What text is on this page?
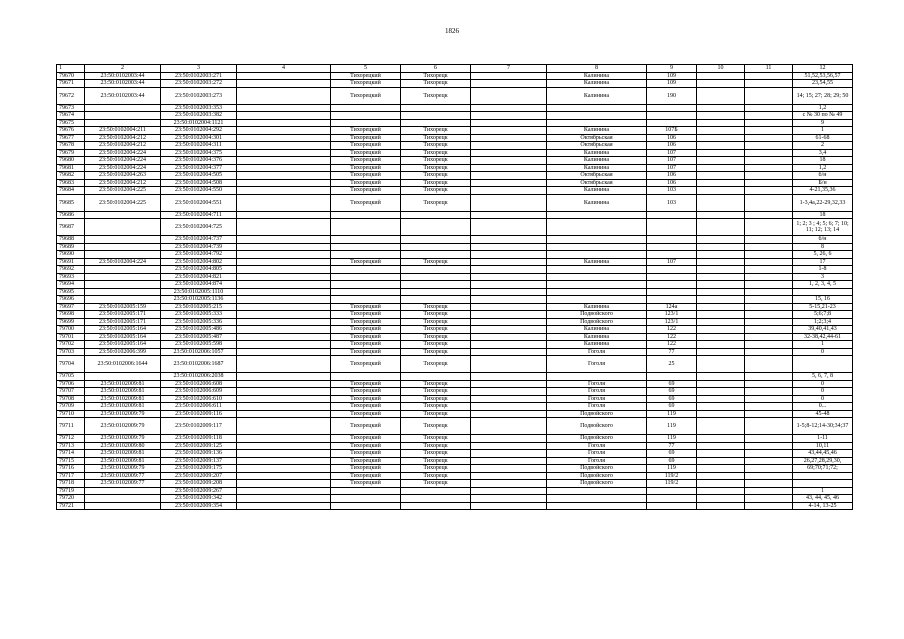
1826
1	2	3	4	5	6	7	8	9	10	11	12
79670	23:50:0102003:44	23:50:0102003:271		Тихорецкий	Тихорецк		Калинина	109			51,52,53,56,57
79671	23:50:0102003:44	23:50:0102003:272		Тихорецкий	Тихорецк		Калинина	109			23,54,55
79672	23:50:0102003:44	23:50:0102003:273		Тихорецкий	Тихорецк		Калинина	190			14; 15; 27; 28; 29; 50
79673		23:50:0102003:353									1,2
79674		23:50:0102003:382									с № 30 по № 49
79675		23:50:0102004:1121									9
79676	23:50:0102004:211	23:50:0102004:292		Тихорецкий	Тихорецк		Калинина	107Б			1
79677	23:50:0102004:212	23:50:0102004:301		Тихорецкий	Тихорецк		Октябрьская	106			61-68
79678	23:50:0102004:212	23:50:0102004:311		Тихорецкий	Тихорецк		Октябрьская	106			2
79679	23:50:0102004:224	23:50:0102004:375		Тихорецкий	Тихорецк		Калинина	107			3,4
79680	23:50:0102004:224	23:50:0102004:376		Тихорецкий	Тихорецк		Калинина	107			18
79681	23:50:0102004:224	23:50:0102004:377		Тихорецкий	Тихорецк		Калинина	107			1,2
79682	23:50:0102004:263	23:50:0102004:505		Тихорецкий	Тихорецк		Октябрьская	106			б/н
79683	23:50:0102004:212	23:50:0102004:508		Тихорецкий	Тихорецк		Октябрьская	106			Б/н
79684	23:50:0102004:225	23:50:0102004:550		Тихорецкий	Тихорецк		Калинина	103			4-21,35,36
79685	23:50:0102004:225	23:50:0102004:551		Тихорецкий	Тихорецк		Калинина	103			1-3,4а,22-29,32,33
79686		23:50:0102004:711									18
79687		23:50:0102004:725									1; 2; 3 ; 4; 5; 6; 7; 10; 11; 12; 13; 14
79688		23:50:0102004:737									б/н
79689		23:50:0102004:739									8
79690		23:50:0102004:792									5, 26, 6
79691	23:50:0102004:224	23:50:0102004:802		Тихорецкий	Тихорецк		Калинина	107			17
79692		23:50:0102004:805									1-8
79693		23:50:0102004:821									3
79694		23:50:0102004:874									1, 2, 3, 4, 5
79695		23:50:0102005:1110									
79696		23:50:0102005:1136									15, 16
79697	23:50:0102005:159	23:50:0102005:215		Тихорецкий	Тихорецк		Калинина	124а			5-15,21-23
79698	23:50:0102005:171	23:50:0102005:333		Тихорецкий	Тихорецк		Подвойского	123/1			5;6;7;8
79699	23:50:0102005:171	23:50:0102005:336		Тихорецкий	Тихорецк		Подвойского	123/1			1;2;3;4
79700	23:50:0102005:164	23:50:0102005:486		Тихорецкий	Тихорецк		Калинина	122			39,40,41,43
79701	23:50:0102005:164	23:50:0102005:487		Тихорецкий	Тихорецк		Калинина	122			32-38,42,44-61
79702	23:50:0102005:164	23:50:0102005:598		Тихорецкий	Тихорецк		Калинина	122			1
79703	23:50:0102006:399	23:50:0102006:1057		Тихорецкий	Тихорецк		Гоголя	77			0
79704	23:50:0102006:1644	23:50:0102006:1687		Тихорецкий	Тихорецк		Гоголя	25			
79705		23:50:0102006:2038									5, 6, 7, 8
79706	23:50:0102009:81	23:50:0102006:608		Тихорецкий	Тихорецк		Гоголя	69			0
79707	23:50:0102009:81	23:50:0102006:609		Тихорецкий	Тихорецк		Гоголя	69			0
79708	23:50:0102009:81	23:50:0102006:610		Тихорецкий	Тихорецк		Гоголя	69			0
79709	23:50:0102009:81	23:50:0102006:611		Тихорецкий	Тихорецк		Гоголя	69			0...
79710	23:50:0102009:79	23:50:0102009:116		Тихорецкий	Тихорецк		Подвойского	119			45-48
79711	23:50:0102009:79	23:50:0102009:117		Тихорецкий	Тихорецк		Подвойского	119			1-5;8-12;14-30;34;37
79712	23:50:0102009:79	23:50:0102009:118		Тихорецкий	Тихорецк		Подвойского	119			1-11
79713	23:50:0102009:80	23:50:0102009:125		Тихорецкий	Тихорецк		Гоголя	77			10,11
79714	23:50:0102009:81	23:50:0102009:136		Тихорецкий	Тихорецк		Гоголя	69			43,44,45,46
79715	23:50:0102009:81	23:50:0102009:137		Тихорецкий	Тихорецк		Гоголя	69			26,27,28,29,30,
79716	23:50:0102009:79	23:50:0102009:175		Тихорецкий	Тихорецк		Подвойского	119			69;70;71;72;
79717	23:50:0102009:77	23:50:0102009:207		Тихорецкий	Тихорецк		Подвойского	119/2			
79718	23:50:0102009:77	23:50:0102009:208		Тихорецкий	Тихорецк		Подвойского	119/2			
79719		23:50:0102009:267									1
79720		23:50:0102009:342									43, 44, 45, 46
79721		23:50:0102009:354									4-14, 13-25
